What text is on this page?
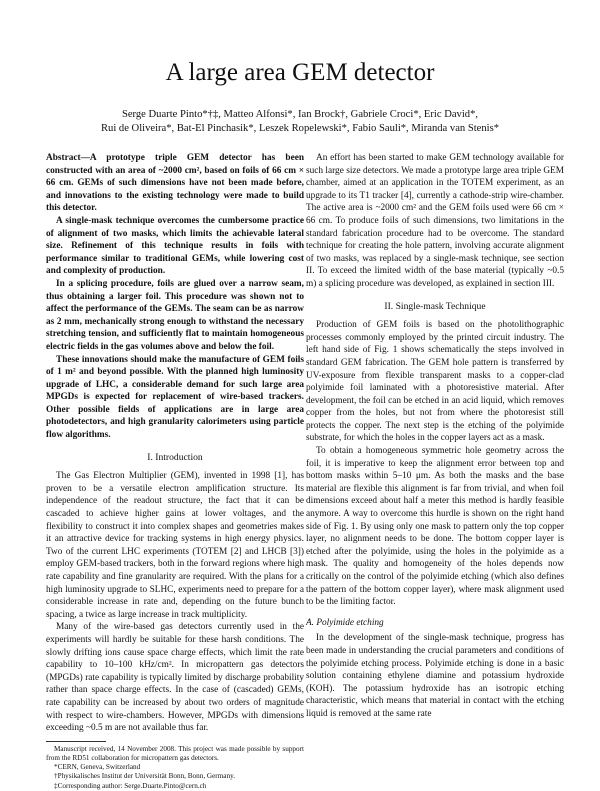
A large area GEM detector
Serge Duarte Pinto*†‡, Matteo Alfonsi*, Ian Brock†, Gabriele Croci*, Eric David*,
Rui de Oliveira*, Bat-El Pinchasik*, Leszek Ropelewski*, Fabio Sauli*, Miranda van Stenis*

Abstract—A prototype triple GEM detector has been constructed with an area of ~2000 cm², based on foils of 66 cm × 66 cm. GEMs of such dimensions have not been made before, and innovations to the existing technology were made to build this detector.

A single-mask technique overcomes the cumbersome practice of alignment of two masks, which limits the achievable lateral size. Refinement of this technique results in foils with performance similar to traditional GEMs, while lowering cost and complexity of production.

In a splicing procedure, foils are glued over a narrow seam, thus obtaining a larger foil. This procedure was shown not to affect the performance of the GEMs. The seam can be as narrow as 2 mm, mechanically strong enough to withstand the necessary stretching tension, and sufficiently flat to maintain homogeneous electric fields in the gas volumes above and below the foil.

These innovations should make the manufacture of GEM foils of 1 m² and beyond possible. With the planned high luminosity upgrade of LHC, a considerable demand for such large area MPGDs is expected for replacement of wire-based trackers. Other possible fields of applications are in large area photodetectors, and high granularity calorimeters using particle flow algorithms.

I. Introduction

The Gas Electron Multiplier (GEM), invented in 1998 [1], has proven to be a versatile electron amplification structure. Its independence of the readout structure, the fact that it can be cascaded to achieve higher gains at lower voltages, and the flexibility to construct it into complex shapes and geometries makes it an attractive device for tracking systems in high energy physics. Two of the current LHC experiments (TOTEM [2] and LHCB [3]) employ GEM-based trackers, both in the forward regions where high rate capability and fine granularity are required. With the plans for a high luminosity upgrade to SLHC, experiments need to prepare for a considerable increase in rate and, depending on the future bunch spacing, a twice as large increase in track multiplicity.

Many of the wire-based gas detectors currently used in the experiments will hardly be suitable for these harsh conditions. The slowly drifting ions cause space charge effects, which limit the rate capability to 10–100 kHz/cm². In micropattern gas detectors (MPGDs) rate capability is typically limited by discharge probability rather than space charge effects. In the case of (cascaded) GEMs, rate capability can be increased by about two orders of magnitude with respect to wire-chambers. However, MPGDs with dimensions exceeding ~0.5 m are not available thus far.

Manuscript received, 14 November 2008. This project was made possible by support from the RD51 collaboration for micropattern gas detectors.

*CERN, Geneva, Switzerland

†Physikalisches Institut der Universität Bonn, Bonn, Germany.

‡Corresponding author: Serge.Duarte.Pinto@cern.ch

An effort has been started to make GEM technology available for such large size detectors. We made a prototype large area triple GEM chamber, aimed at an application in the TOTEM experiment, as an upgrade to its T1 tracker [4], currently a cathode-strip wire-chamber. The active area is ~2000 cm² and the GEM foils used were 66 cm × 66 cm. To produce foils of such dimensions, two limitations in the standard fabrication procedure had to be overcome. The standard technique for creating the hole pattern, involving accurate alignment of two masks, was replaced by a single-mask technique, see section II. To exceed the limited width of the base material (typically ~0.5 m) a splicing procedure was developed, as explained in section III.

II. Single-mask Technique

Production of GEM foils is based on the photolithographic processes commonly employed by the printed circuit industry. The left hand side of Fig. 1 shows schematically the steps involved in standard GEM fabrication. The GEM hole pattern is transferred by UV-exposure from flexible transparent masks to a copper-clad polyimide foil laminated with a photoresistive material. After development, the foil can be etched in an acid liquid, which removes copper from the holes, but not from where the photoresist still protects the copper. The next step is the etching of the polyimide substrate, for which the holes in the copper layers act as a mask.

To obtain a homogeneous symmetric hole geometry across the foil, it is imperative to keep the alignment error between top and bottom masks within 5–10 μm. As both the masks and the base material are flexible this alignment is far from trivial, and when foil dimensions exceed about half a meter this method is hardly feasible anymore. A way to overcome this hurdle is shown on the right hand side of Fig. 1. By using only one mask to pattern only the top copper layer, no alignment needs to be done. The bottom copper layer is etched after the polyimide, using the holes in the polyimide as a mask. The quality and homogeneity of the holes depends now critically on the control of the polyimide etching (which also defines the pattern of the bottom copper layer), where mask alignment used to be the limiting factor.

A. Polyimide etching

In the development of the single-mask technique, progress has been made in understanding the crucial parameters and conditions of the polyimide etching process. Polyimide etching is done in a basic solution containing ethylene diamine and potassium hydroxide (KOH). The potassium hydroxide has an isotropic etching characteristic, which means that material in contact with the etching liquid is removed at the same rate
